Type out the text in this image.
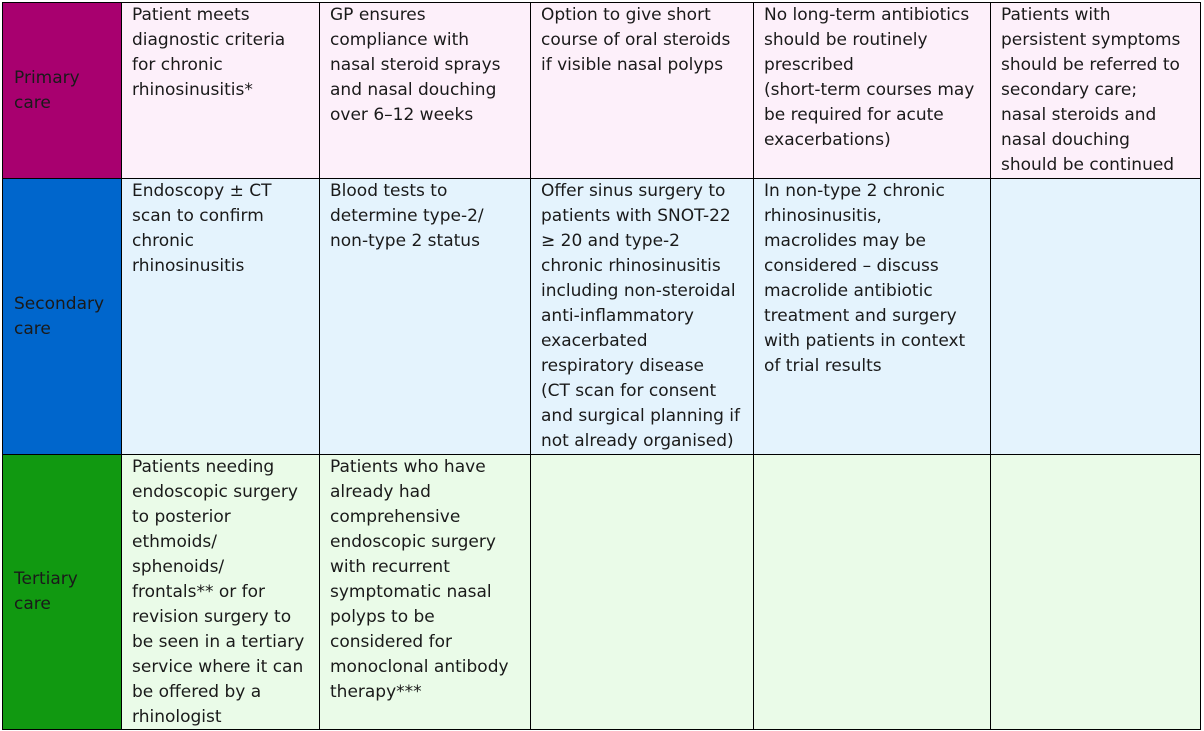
Primary
care
Patient meets
diagnostic criteria
for chronic
rhinosinusitis*
GP ensures
compliance with
nasal steroid sprays
and nasal douching
over 6–12 weeks
Option to give short
course of oral steroids
if visible nasal polyps
No long-term antibiotics
should be routinely
prescribed
(short-term courses may
be required for acute
exacerbations)
Patients with
persistent symptoms
should be referred to
secondary care;
nasal steroids and
nasal douching
should be continued
Secondary
care
Endoscopy ± CT
scan to confirm
chronic
rhinosinusitis
Blood tests to
determine type-2/
non-type 2 status
Offer sinus surgery to
patients with SNOT-22
≥ 20 and type-2
chronic rhinosinusitis
including non-steroidal
anti-inflammatory
exacerbated
respiratory disease
(CT scan for consent
and surgical planning if
not already organised)
In non-type 2 chronic
rhinosinusitis,
macrolides may be
considered – discuss
macrolide antibiotic
treatment and surgery
with patients in context
of trial results
Tertiary
care
Patients needing
endoscopic surgery
to posterior
ethmoids/
sphenoids/
frontals** or for
revision surgery to
be seen in a tertiary
service where it can
be offered by a
rhinologist
Patients who have
already had
comprehensive
endoscopic surgery
with recurrent
symptomatic nasal
polyps to be
considered for
monoclonal antibody
therapy***
